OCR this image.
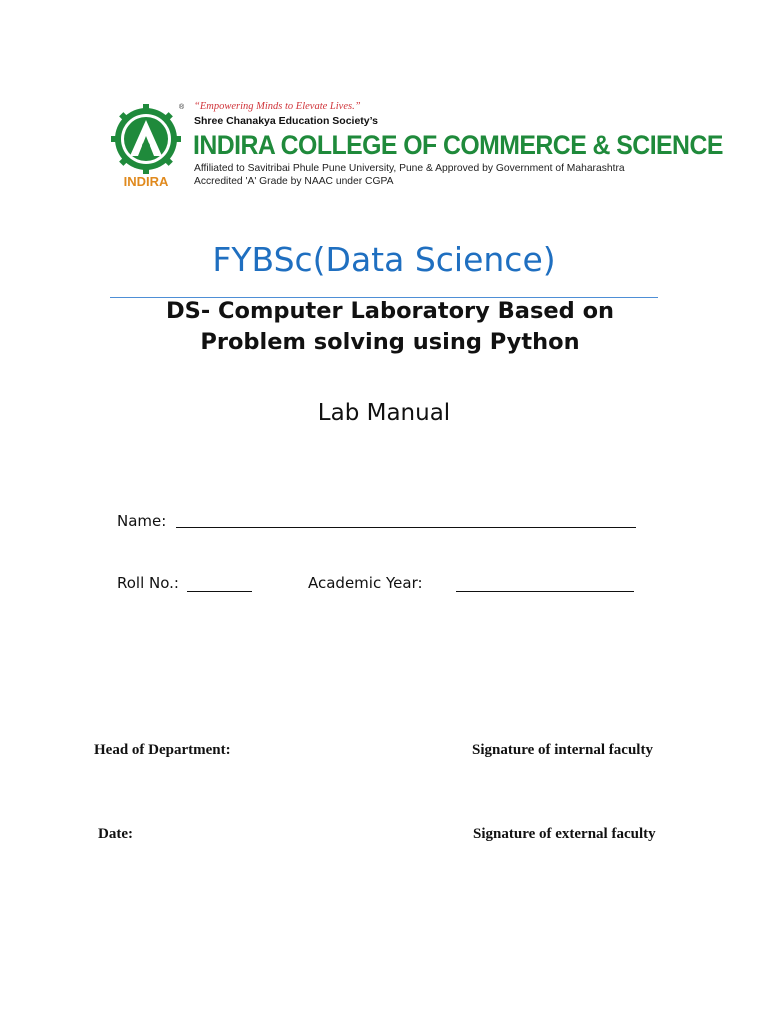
INDIRA
® “Empowering Minds to Elevate Lives.”
Shree Chanakya Education Society’s
INDIRA COLLEGE OF COMMERCE & SCIENCE
Affiliated to Savitribai Phule Pune University, Pune & Approved by Government of Maharashtra
Accredited 'A' Grade by NAAC under CGPA
FYBSc(Data Science)
DS- Computer Laboratory Based on Problem solving using Python
Lab Manual
Name:
Roll No.:	Academic Year:
Head of Department:	Signature of internal faculty
Date:	Signature of external faculty
